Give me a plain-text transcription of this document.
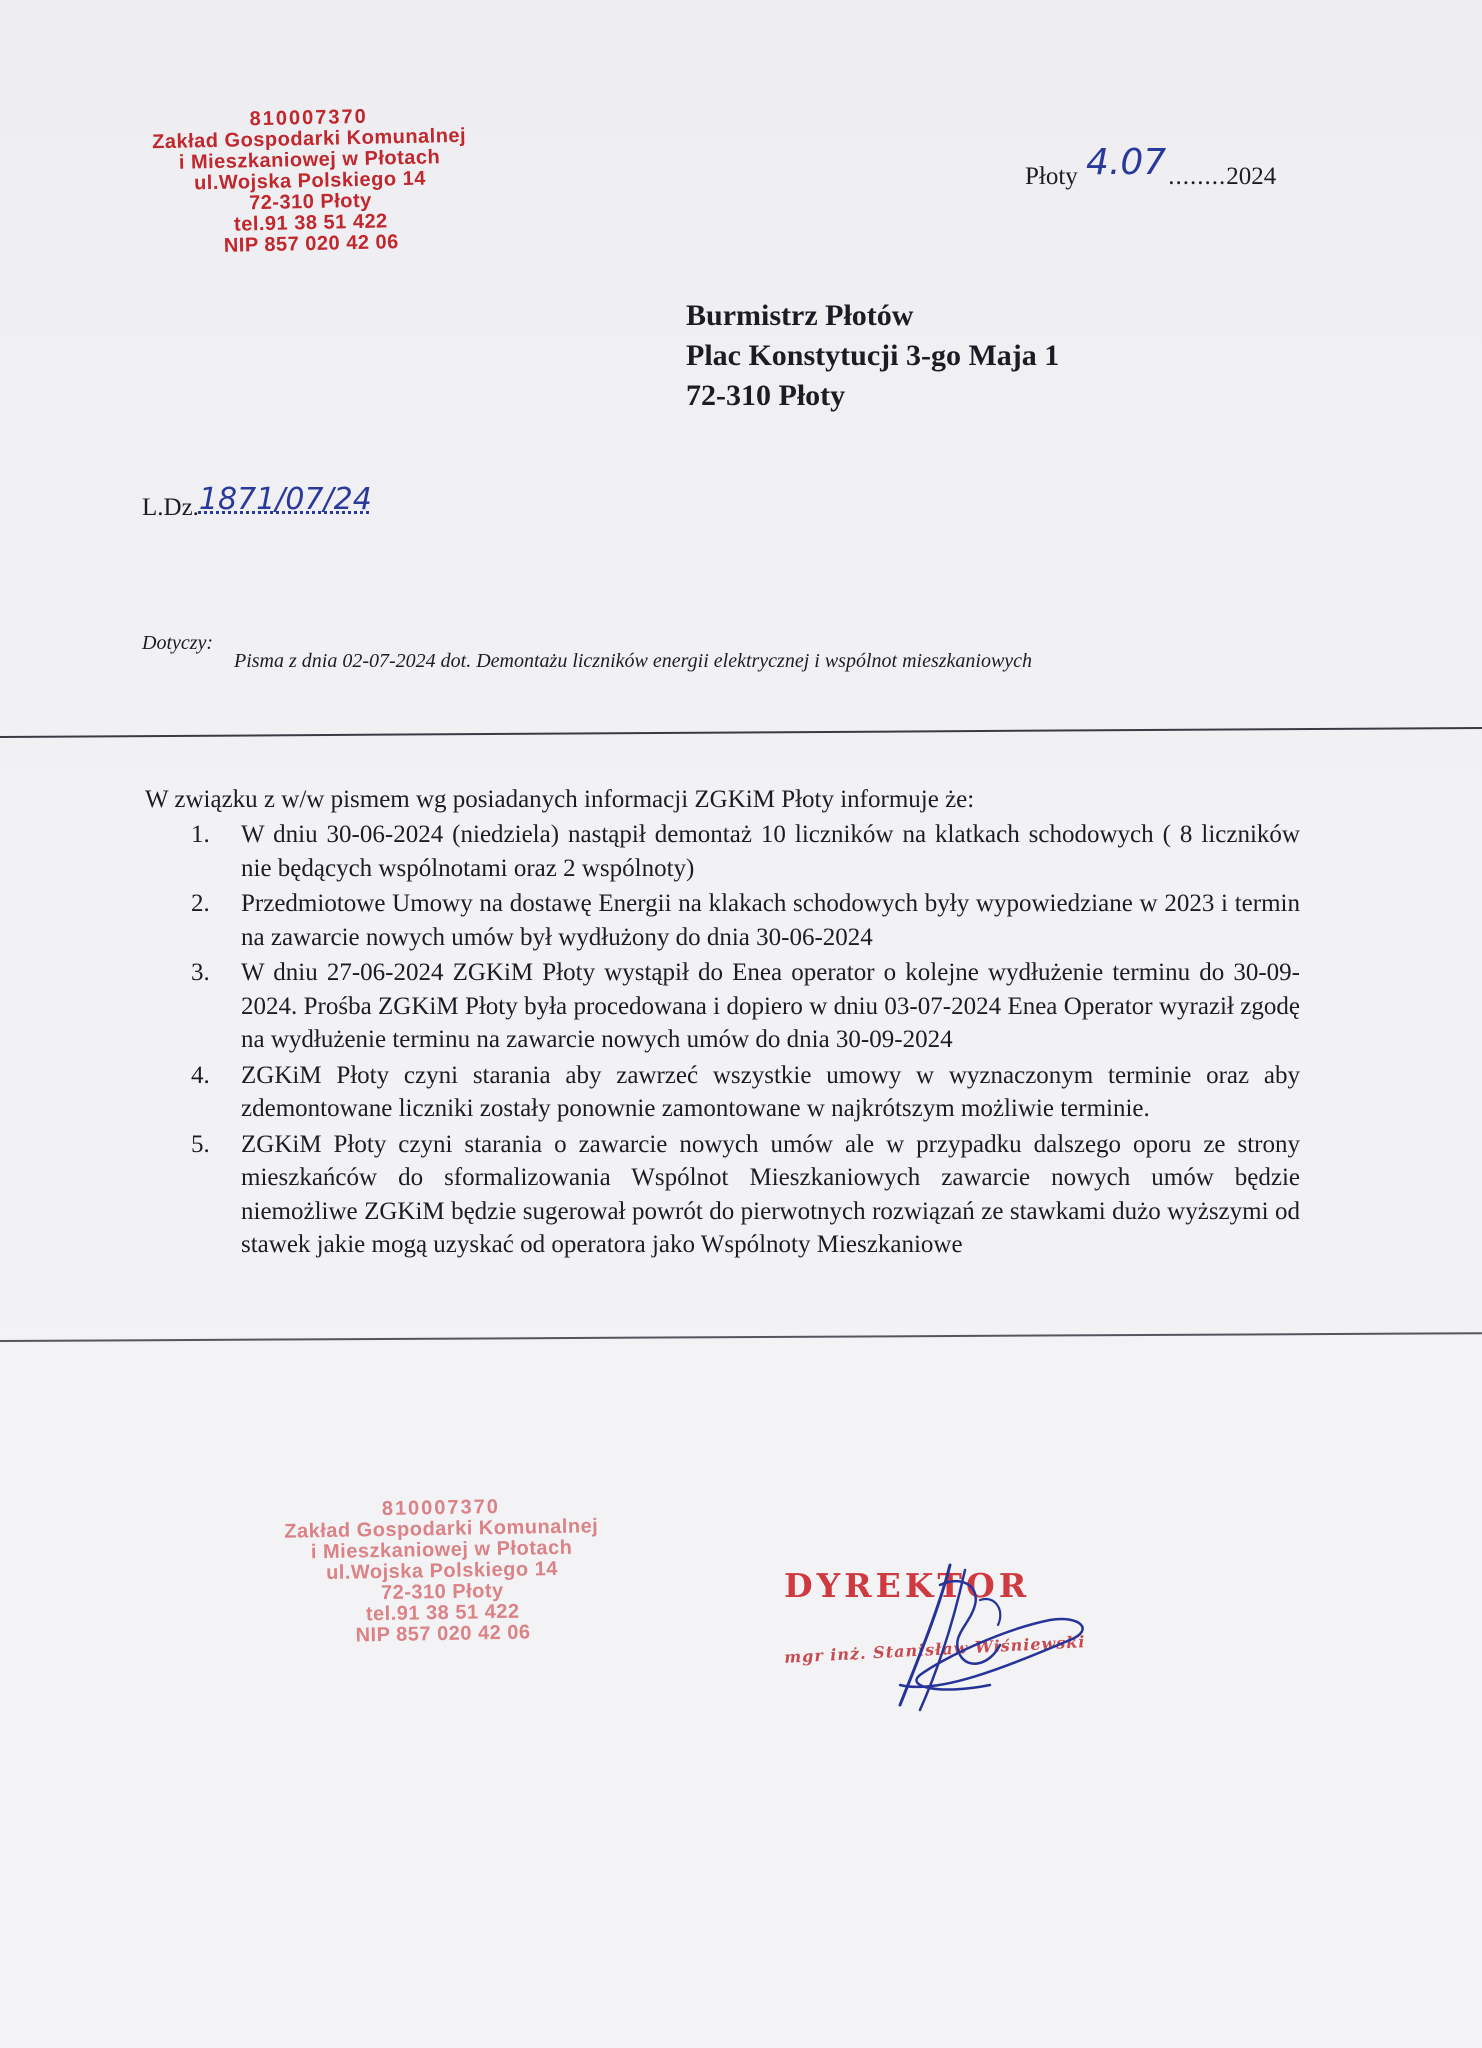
810007370
Zakład Gospodarki Komunalnej
i Mieszkaniowej w Płotach
ul.Wojska Polskiego 14
72-310 Płoty
tel.91 38 51 422
NIP 857 020 42 06
Płoty 4.07........2024
Burmistrz Płotów
Plac Konstytucji 3-go Maja 1
72-310 Płoty
L.Dz.1871/07/24
Dotyczy:
Pisma z dnia 02-07-2024 dot. Demontażu liczników energii elektrycznej i wspólnot mieszkaniowych
W związku z w/w pismem wg posiadanych informacji ZGKiM Płoty informuje że:
1. W dniu 30-06-2024 (niedziela) nastąpił demontaż 10 liczników na klatkach schodowych ( 8 liczników nie będących wspólnotami oraz 2 wspólnoty)
2. Przedmiotowe Umowy na dostawę Energii na klakach schodowych były wypowiedziane w 2023 i termin na zawarcie nowych umów był wydłużony do dnia 30-06-2024
3. W dniu 27-06-2024 ZGKiM Płoty wystąpił do Enea operator o kolejne wydłużenie terminu do 30-09-2024. Prośba ZGKiM Płoty była procedowana i dopiero w dniu 03-07-2024 Enea Operator wyraził zgodę na wydłużenie terminu na zawarcie nowych umów do dnia 30-09-2024
4. ZGKiM Płoty czyni starania aby zawrzeć wszystkie umowy w wyznaczonym terminie oraz aby zdemontowane liczniki zostały ponownie zamontowane w najkrótszym możliwie terminie.
5. ZGKiM Płoty czyni starania o zawarcie nowych umów ale w przypadku dalszego oporu ze strony mieszkańców do sformalizowania Wspólnot Mieszkaniowych zawarcie nowych umów będzie niemożliwe ZGKiM będzie sugerował powrót do pierwotnych rozwiązań ze stawkami dużo wyższymi od stawek jakie mogą uzyskać od operatora jako Wspólnoty Mieszkaniowe
810007370
Zakład Gospodarki Komunalnej
i Mieszkaniowej w Płotach
ul.Wojska Polskiego 14
72-310 Płoty
tel.91 38 51 422
NIP 857 020 42 06
DYREKTOR
mgr inż. Stanisław Wiśniewski
